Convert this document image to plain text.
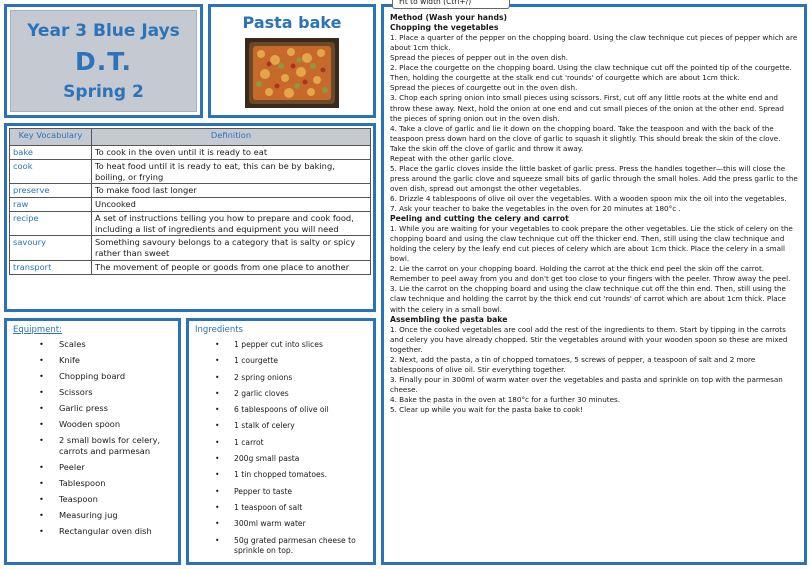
Year 3 Blue Jays
D.T.
Spring 2
Pasta bake
Key Vocabulary	Definition
bake	To cook in the oven until it is ready to eat
cook	To heat food until it is ready to eat, this can be by baking, boiling, or frying
preserve	To make food last longer
raw	Uncooked
recipe	A set of instructions telling you how to prepare and cook food, including a list of ingredients and equipment you will need
savoury	Something savoury belongs to a category that is salty or spicy rather than sweet
transport	The movement of people or goods from one place to another
Equipment:
• Scales
• Knife
• Chopping board
• Scissors
• Garlic press
• Wooden spoon
• 2 small bowls for celery, carrots and parmesan
• Peeler
• Tablespoon
• Teaspoon
• Measuring jug
• Rectangular oven dish
Ingredients
• 1 pepper cut into slices
• 1 courgette
• 2 spring onions
• 2 garlic cloves
• 6 tablespoons of olive oil
• 1 stalk of celery
• 1 carrot
• 200g small pasta
• 1 tin chopped tomatoes.
• Pepper to taste
• 1 teaspoon of salt
• 300ml warm water
• 50g grated parmesan cheese to sprinkle on top.
Fit to width (Ctrl+/)
Method (Wash your hands)
Chopping the vegetables
1. Place a quarter of the pepper on the chopping board. Using the claw technique cut pieces of pepper which are about 1cm thick.
Spread the pieces of pepper out in the oven dish.
2. Place the courgette on the chopping board. Using the claw technique cut off the pointed tip of the courgette. Then, holding the courgette at the stalk end cut 'rounds' of courgette which are about 1cm thick.
Spread the pieces of courgette out in the oven dish.
3. Chop each spring onion into small pieces using scissors. First, cut off any little roots at the white end and throw these away. Next, hold the onion at one end and cut small pieces of the onion at the other end. Spread the pieces of spring onion out in the oven dish.
4. Take a clove of garlic and lie it down on the chopping board. Take the teaspoon and with the back of the teaspoon press down hard on the clove of garlic to squash it slightly. This should break the skin of the clove. Take the skin off the clove of garlic and throw it away.
Repeat with the other garlic clove.
5. Place the garlic cloves inside the little basket of garlic press. Press the handles together—this will close the press around the garlic clove and squeeze small bits of garlic through the small holes. Add the press garlic to the oven dish, spread out amongst the other vegetables.
6. Drizzle 4 tablespoons of olive oil over the vegetables. With a wooden spoon mix the oil into the vegetables.
7. Ask your teacher to bake the vegetables in the oven for 20 minutes at 180°c .
Peeling and cutting the celery and carrot
1. While you are waiting for your vegetables to cook prepare the other vegetables. Lie the stick of celery on the chopping board and using the claw technique cut off the thicker end. Then, still using the claw technique and holding the celery by the leafy end cut pieces of celery which are about 1cm thick. Place the celery in a small bowl.
2. Lie the carrot on your chopping board. Holding the carrot at the thick end peel the skin off the carrot. Remember to peel away from you and don't get too close to your fingers with the peeler. Throw away the peel.
3. Lie the carrot on the chopping board and using the claw technique cut off the thin end. Then, still using the claw technique and holding the carrot by the thick end cut 'rounds' of carrot which are about 1cm thick. Place with the celery in a small bowl.
Assembling the pasta bake
1. Once the cooked vegetables are cool add the rest of the ingredients to them. Start by tipping in the carrots and celery you have already chopped. Stir the vegetables around with your wooden spoon so these are mixed together.
2. Next, add the pasta, a tin of chopped tomatoes, 5 screws of pepper, a teaspoon of salt and 2 more tablespoons of olive oil. Stir everything together.
3. Finally pour in 300ml of warm water over the vegetables and pasta and sprinkle on top with the parmesan cheese.
4. Bake the pasta in the oven at 180°c for a further 30 minutes.
5. Clear up while you wait for the pasta bake to cook!
